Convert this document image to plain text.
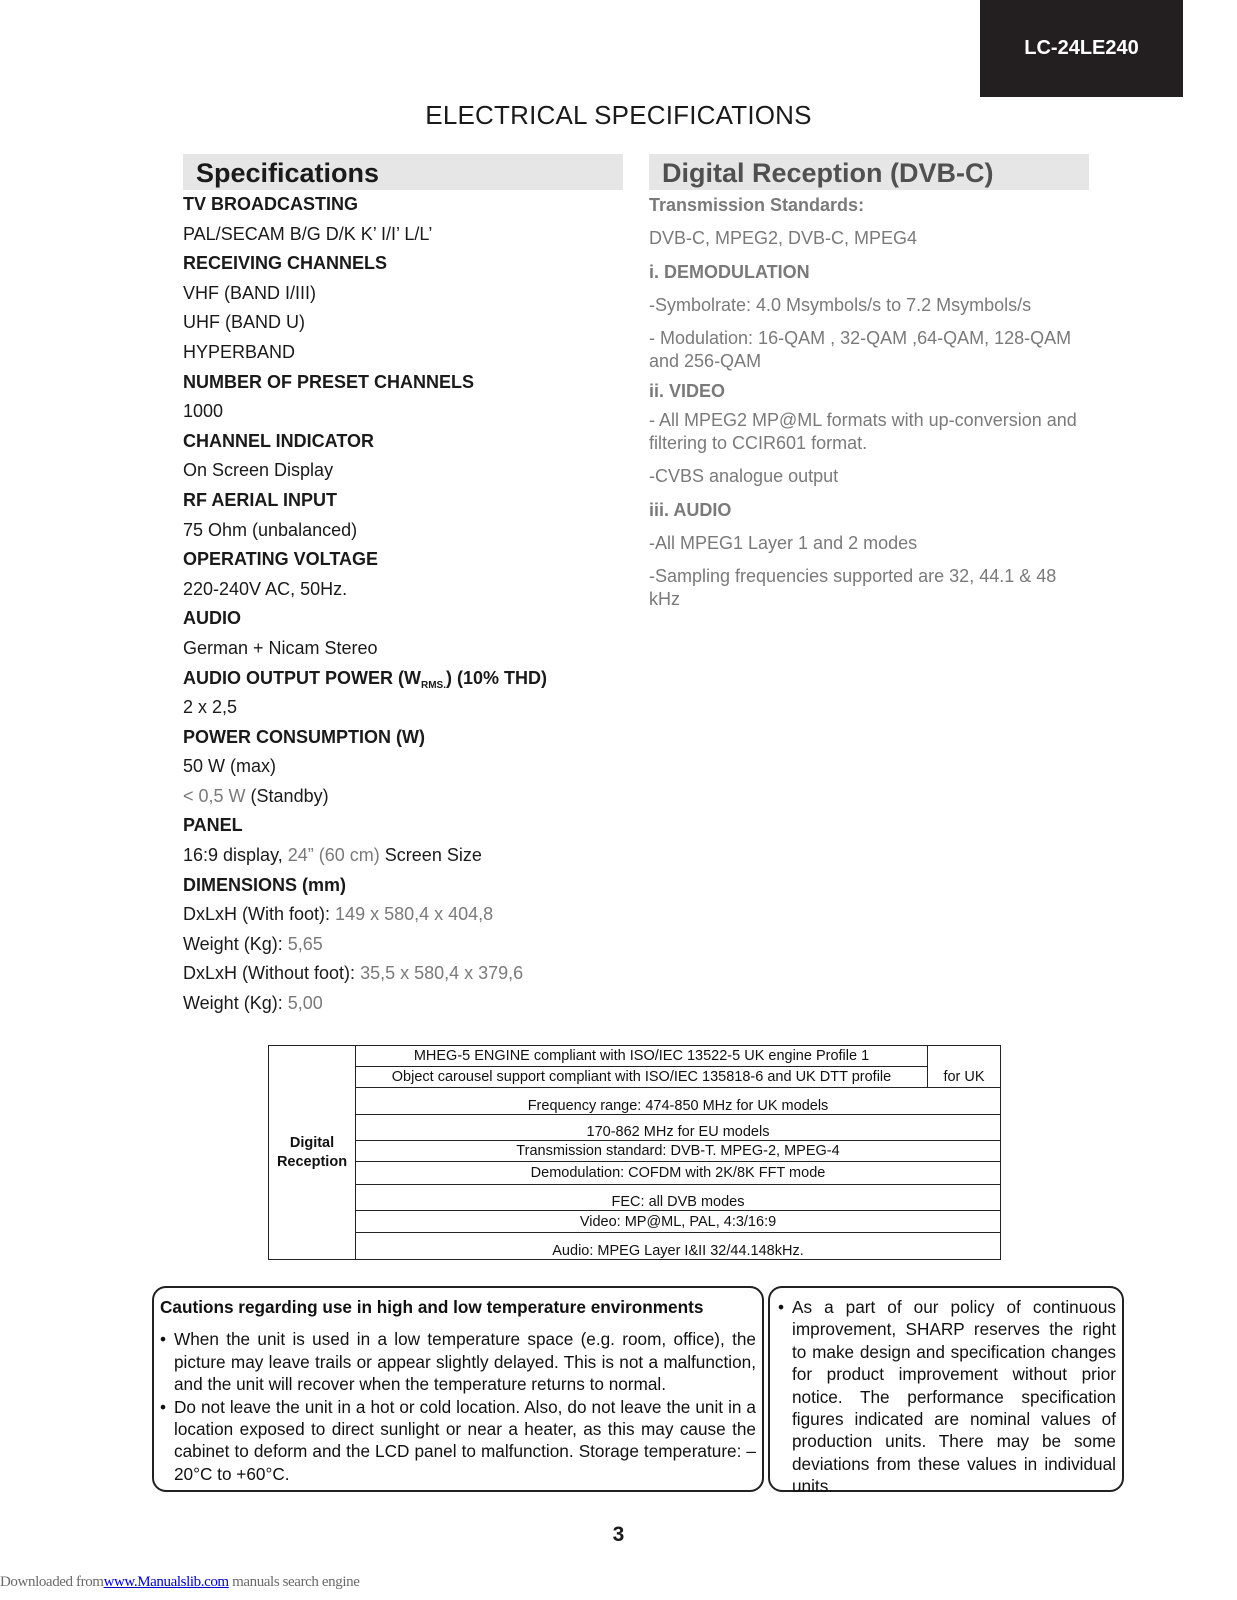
LC-24LE240
ELECTRICAL SPECIFICATIONS
Specifications
TV BROADCASTING
PAL/SECAM B/G D/K K’ I/I’ L/L’
RECEIVING CHANNELS
VHF (BAND I/III)
UHF (BAND U)
HYPERBAND
NUMBER OF PRESET CHANNELS
1000
CHANNEL INDICATOR
On Screen Display
RF AERIAL INPUT
75 Ohm (unbalanced)
OPERATING VOLTAGE
220-240V AC, 50Hz.
AUDIO
German + Nicam Stereo
AUDIO OUTPUT POWER $(W_{RMS.})$ (10% THD)
2 x 2,5
POWER CONSUMPTION (W)
50 W (max)
< 0,5 W (Standby)
PANEL
16:9 display, 24” (60 cm) Screen Size
DIMENSIONS (mm)
DxLxH (With foot): 149 x 580,4 x 404,8
Weight (Kg): 5,65
DxLxH (Without foot): 35,5 x 580,4 x 379,6
Weight (Kg): 5,00
Digital Reception (DVB-C)
Transmission Standards:
DVB-C, MPEG2, DVB-C, MPEG4
i. DEMODULATION
-Symbolrate: 4.0 Msymbols/s to 7.2 Msymbols/s
- Modulation: 16-QAM , 32-QAM ,64-QAM, 128-QAM and 256-QAM
ii. VIDEO
- All MPEG2 MP@ML formats with up-conversion and filtering to CCIR601 format.
-CVBS analogue output
iii. AUDIO
-All MPEG1 Layer 1 and 2 modes
-Sampling frequencies supported are 32, 44.1 & 48 kHz
Digital Reception	MHEG-5 ENGINE compliant with ISO/IEC 13522-5 UK engine Profile 1	for UK
Object carousel support compliant with ISO/IEC 135818-6 and UK DTT profile
Frequency range: 474-850 MHz for UK models
170-862 MHz for EU models
Transmission standard: DVB-T. MPEG-2, MPEG-4
Demodulation: COFDM with 2K/8K FFT mode
FEC: all DVB modes
Video: MP@ML, PAL, 4:3/16:9
Audio: MPEG Layer I&II 32/44.148kHz.
Cautions regarding use in high and low temperature environments
• When the unit is used in a low temperature space (e.g. room, office), the picture may leave trails or appear slightly delayed. This is not a malfunction, and the unit will recover when the temperature returns to normal.
• Do not leave the unit in a hot or cold location. Also, do not leave the unit in a location exposed to direct sunlight or near a heater, as this may cause the cabinet to deform and the LCD panel to malfunction. Storage temperature: –20°C to +60°C.
• As a part of our policy of continuous improvement, SHARP reserves the right to make design and specification changes for product improvement without prior notice. The performance specification figures indicated are nominal values of production units. There may be some deviations from these values in individual units.
3
Downloaded fromwww.Manualslib.com manuals search engine
